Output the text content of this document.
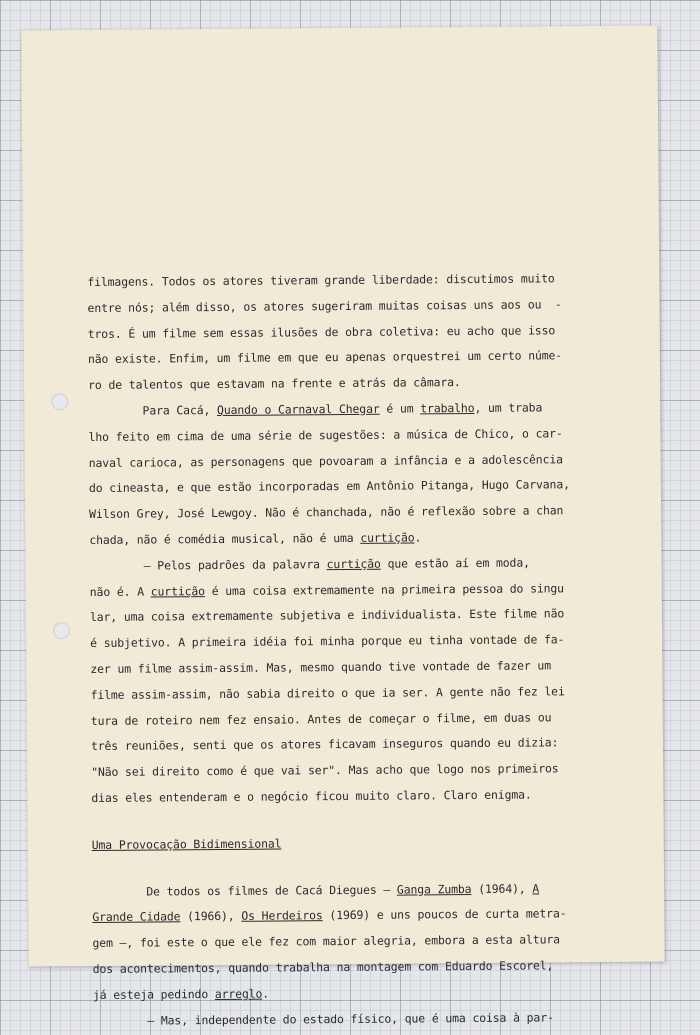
filmagens. Todos os atores tiveram grande liberdade: discutimos muito
entre nós; além disso, os atores sugeriram muitas coisas uns aos ou  -
tros. É um filme sem essas ilusões de obra coletiva: eu acho que isso
não existe. Enfim, um filme em que eu apenas orquestrei um certo núme-
ro de talentos que estavam na frente e atrás da câmara.
Para Cacá, Quando o Carnaval Chegar é um trabalho, um traba
lho feito em cima de uma série de sugestões: a música de Chico, o car-
naval carioca, as personagens que povoaram a infância e a adolescência
do cineasta, e que estão incorporadas em Antônio Pitanga, Hugo Carvana,
Wilson Grey, José Lewgoy. Não é chanchada, não é reflexão sobre a chan
chada, não é comédia musical, não é uma curtição.
— Pelos padrões da palavra curtição que estão aí em moda,
não é. A curtição é uma coisa extremamente na primeira pessoa do singu
lar, uma coisa extremamente subjetiva e individualista. Este filme não
é subjetivo. A primeira idéia foi minha porque eu tinha vontade de fa-
zer um filme assim-assim. Mas, mesmo quando tive vontade de fazer um
filme assim-assim, não sabia direito o que ia ser. A gente não fez lei
tura de roteiro nem fez ensaio. Antes de começar o filme, em duas ou
três reuniões, senti que os atores ficavam inseguros quando eu dizia:
"Não sei direito como é que vai ser". Mas acho que logo nos primeiros
dias eles entenderam e o negócio ficou muito claro. Claro enigma.
Uma Provocação Bidimensional
De todos os filmes de Cacá Diegues — Ganga Zumba (1964), A
Grande Cidade (1966), Os Herdeiros (1969) e uns poucos de curta metra-
gem —, foi este o que ele fez com maior alegria, embora a esta altura
dos acontecimentos, quando trabalha na montagem com Eduardo Escorel,
já esteja pedindo arreglo.
— Mas, independente do estado físico, que é uma coisa à par-
